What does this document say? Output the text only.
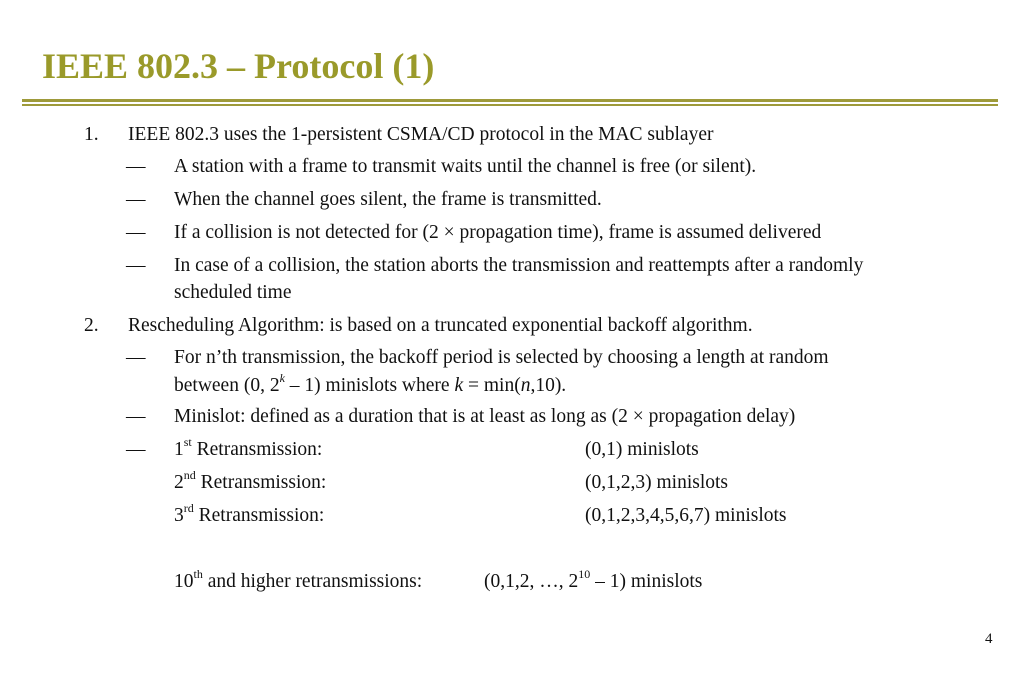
IEEE 802.3 – Protocol (1)
1. IEEE 802.3 uses the 1-persistent CSMA/CD protocol in the MAC sublayer
— A station with a frame to transmit waits until the channel is free (or silent).
— When the channel goes silent, the frame is transmitted.
— If a collision is not detected for (2 × propagation time), frame is assumed delivered
— In case of a collision, the station aborts the transmission and reattempts after a randomly
scheduled time
2. Rescheduling Algorithm: is based on a truncated exponential backoff algorithm.
— For n’th transmission, the backoff period is selected by choosing a length at random
between (0, 2$^k$ – 1) minislots where k = min(n,10).
— Minislot: defined as a duration that is at least as long as (2 × propagation delay)
— 1st Retransmission:	(0,1) minislots
2nd Retransmission:	(0,1,2,3) minislots
3rd Retransmission:	(0,1,2,3,4,5,6,7) minislots
10th and higher retransmissions:	(0,1,2, …, $2^{10} - 1$) minislots
4
